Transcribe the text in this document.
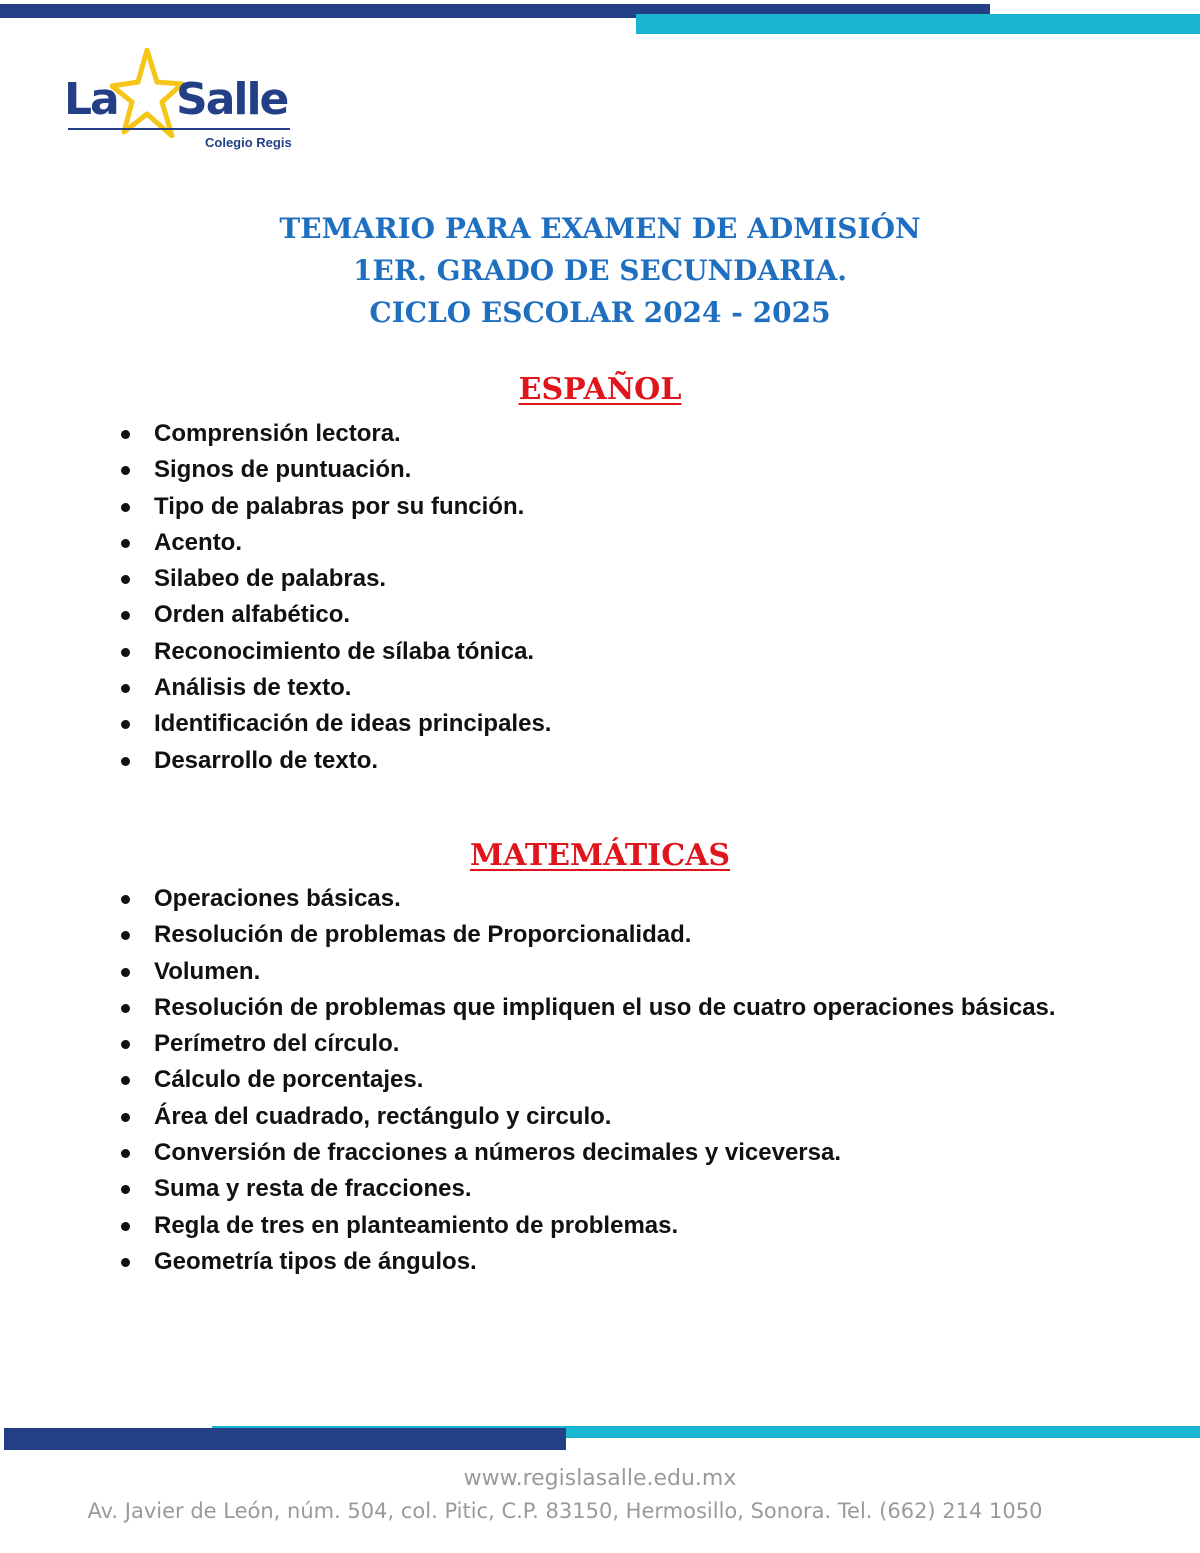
La Salle
Colegio Regis
TEMARIO PARA EXAMEN DE ADMISIÓN
1ER. GRADO DE SECUNDARIA.
CICLO ESCOLAR 2024 - 2025
ESPAÑOL
Comprensión lectora.
Signos de puntuación.
Tipo de palabras por su función.
Acento.
Silabeo de palabras.
Orden alfabético.
Reconocimiento de sílaba tónica.
Análisis de texto.
Identificación de ideas principales.
Desarrollo de texto.
MATEMÁTICAS
Operaciones básicas.
Resolución de problemas de Proporcionalidad.
Volumen.
Resolución de problemas que impliquen el uso de cuatro operaciones básicas.
Perímetro del círculo.
Cálculo de porcentajes.
Área del cuadrado, rectángulo y circulo.
Conversión de fracciones a números decimales y viceversa.
Suma y resta de fracciones.
Regla de tres en planteamiento de problemas.
Geometría tipos de ángulos.
www.regislasalle.edu.mx
Av. Javier de León, núm. 504, col. Pitic, C.P. 83150, Hermosillo, Sonora. Tel. (662) 214 1050
